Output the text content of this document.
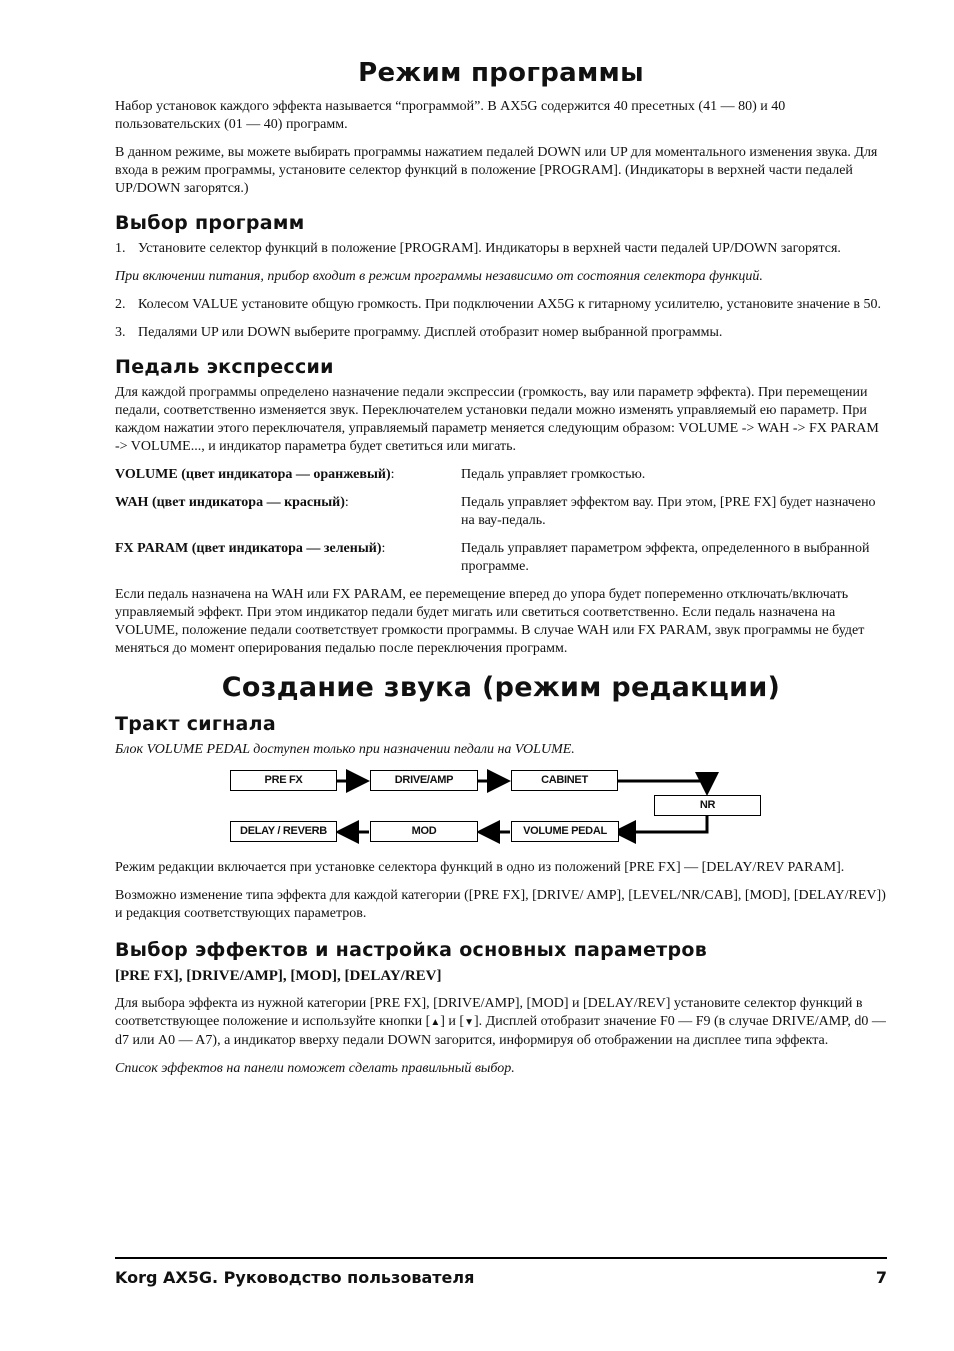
Режим программы

Набор установок каждого эффекта называется “программой”. В AX5G содержится 40 пресетных (41 — 80) и 40 пользовательских (01 — 40) программ.

В данном режиме, вы можете выбирать программы нажатием педалей DOWN или UP для моментального изменения звука. Для входа в режим программы, установите селектор функций в положение [PROGRAM]. (Индикаторы в верхней части педалей UP/DOWN загорятся.)

Выбор программ
1. Установите селектор функций в положение [PROGRAM]. Индикаторы в верхней части педалей UP/DOWN загорятся.

При включении питания, прибор входит в режим программы независимо от состояния селектора функций.

2. Колесом VALUE установите общую громкость. При подключении AX5G к гитарному усилителю, установите значение в 50.
3. Педалями UP или DOWN выберите программу. Дисплей отобразит номер выбранной программы.
Педаль экспрессии

Для каждой программы определено назначение педали экспрессии (громкость, вау или параметр эффекта). При перемещении педали, соответственно изменяется звук. Переключателем установки педали можно изменять управляемый ею параметр. При каждом нажатии этого переключателя, управляемый параметр меняется следующим образом: VOLUME -> WAH -> FX PARAM -> VOLUME..., и индикатор параметра будет светиться или мигать.

VOLUME (цвет индикатора — оранжевый):	Педаль управляет громкостью.
WAH (цвет индикатора — красный):	Педаль управляет эффектом вау. При этом, [PRE FX] будет назначено на вау-педаль.
FX PARAM (цвет индикатора — зеленый):	Педаль управляет параметром эффекта, определенного в выбранной программе.

Если педаль назначена на WAH или FX PARAM, ее перемещение вперед до упора будет попеременно отключать/включать управляемый эффект. При этом индикатор педали будет мигать или светиться соответственно. Если педаль назначена на VOLUME, положение педали соответствует громкости программы. В случае WAH или FX PARAM, звук программы не будет меняться до момент оперирования педалью после переключения программ.

Создание звука (режим редакции)
Тракт сигнала

Блок VOLUME PEDAL доступен только при назначении педали на VOLUME.

PRE FX	DRIVE/AMP	CABINET
NR
VOLUME PEDAL
MOD
DELAY / REVERB

Режим редакции включается при установке селектора функций в одно из положений [PRE FX] — [DELAY/REV PARAM].

Возможно изменение типа эффекта для каждой категории ([PRE FX], [DRIVE/ AMP], [LEVEL/NR/CAB], [MOD], [DELAY/REV]) и редакция соответствующих параметров.

Выбор эффектов и настройка основных параметров

[PRE FX], [DRIVE/AMP], [MOD], [DELAY/REV]

Для выбора эффекта из нужной категории [PRE FX], [DRIVE/AMP], [MOD] и [DELAY/REV] установите селектор функций в соответствующее положение и используйте кнопки [▲] и [▼]. Дисплей отобразит значение F0 — F9 (в случае DRIVE/AMP, d0 — d7 или A0 — A7), а индикатор вверху педали DOWN загорится, информируя об отображении на дисплее типа эффекта.

Список эффектов на панели поможет сделать правильный выбор.

Korg AX5G. Руководство пользователя	7
